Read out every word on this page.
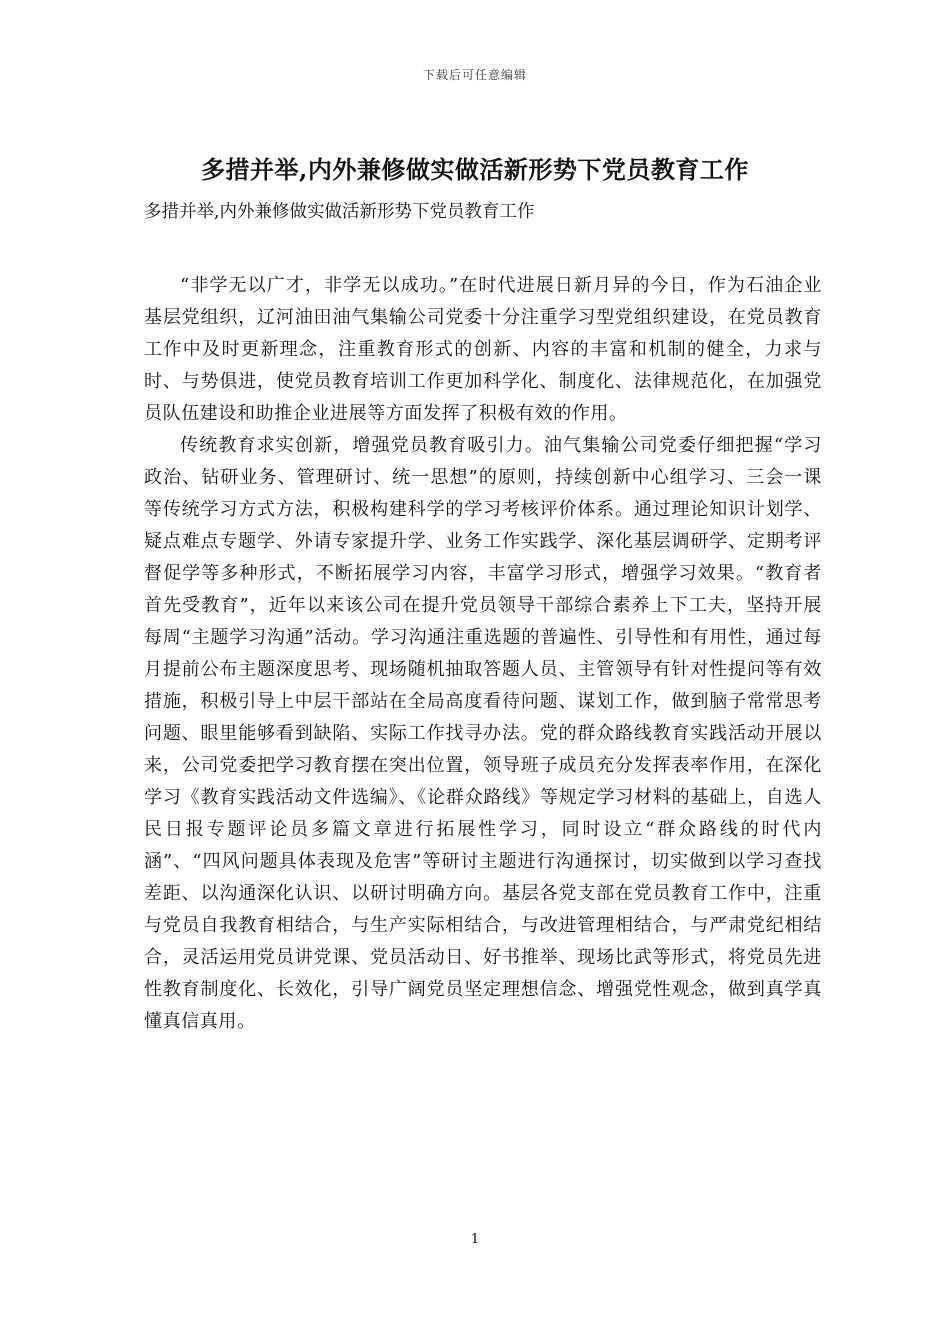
下载后可任意编辑
多措并举,内外兼修做实做活新形势下党员教育工作

多措并举,内外兼修做实做活新形势下党员教育工作

“非学无以广才，非学无以成功。”在时代进展日新月异的今日，作为石油企业基层党组织，辽河油田油气集输公司党委十分注重学习型党组织建设，在党员教育工作中及时更新理念，注重教育形式的创新、内容的丰富和机制的健全，力求与时、与势俱进，使党员教育培训工作更加科学化、制度化、法律规范化，在加强党员队伍建设和助推企业进展等方面发挥了积极有效的作用。

传统教育求实创新，增强党员教育吸引力。油气集输公司党委仔细把握“学习政治、钻研业务、管理研讨、统一思想”的原则，持续创新中心组学习、三会一课等传统学习方式方法，积极构建科学的学习考核评价体系。通过理论知识计划学、疑点难点专题学、外请专家提升学、业务工作实践学、深化基层调研学、定期考评督促学等多种形式，不断拓展学习内容，丰富学习形式，增强学习效果。“教育者首先受教育”，近年以来该公司在提升党员领导干部综合素养上下工夫，坚持开展每周“主题学习沟通”活动。学习沟通注重选题的普遍性、引导性和有用性，通过每月提前公布主题深度思考、现场随机抽取答题人员、主管领导有针对性提问等有效措施，积极引导上中层干部站在全局高度看待问题、谋划工作，做到脑子常常思考问题、眼里能够看到缺陷、实际工作找寻办法。党的群众路线教育实践活动开展以来，公司党委把学习教育摆在突出位置，领导班子成员充分发挥表率作用，在深化学习《教育实践活动文件选编》、《论群众路线》等规定学习材料的基础上，自选人民日报专题评论员多篇文章进行拓展性学习，同时设立“群众路线的时代内涵”、“四风问题具体表现及危害”等研讨主题进行沟通探讨，切实做到以学习查找差距、以沟通深化认识、以研讨明确方向。基层各党支部在党员教育工作中，注重与党员自我教育相结合，与生产实际相结合，与改进管理相结合，与严肃党纪相结合，灵活运用党员讲党课、党员活动日、好书推举、现场比武等形式，将党员先进性教育制度化、长效化，引导广阔党员坚定理想信念、增强党性观念，做到真学真懂真信真用。

1
